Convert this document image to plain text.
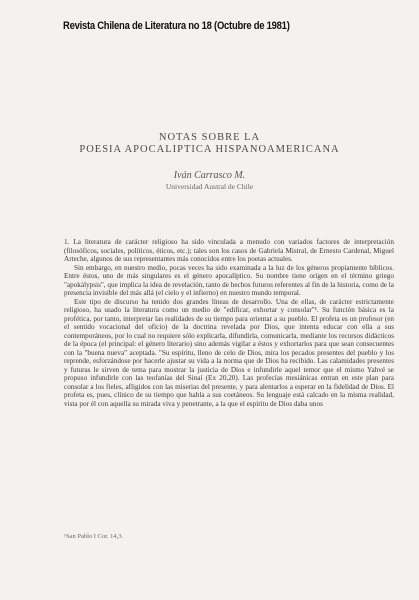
Revista Chilena de Literatura no 18 (Octubre de 1981)
NOTAS SOBRE LA
POESIA APOCALIPTICA HISPANOAMERICANA
Iván Carrasco M.
Universidad Austral de Chile

1. La literatura de carácter religioso ha sido vinculada a menudo con variados factores de interpretación (filosóficos, sociales, políticos, éticos, etc.); tales son los casos de Gabriela Mistral, de Ernesto Cardenal, Miguel Arteche, algunos de sus representantes más conocidos entre los poetas actuales.

Sin embargo, en nuestro medio, pocas veces ha sido examinada a la luz de los géneros propiamente bíblicos. Entre éstos, uno de más singulares es el género apocalíptico. Su nombre tiene origen en el término griego "apokálypsis", que implica la idea de revelación, tanto de hechos futuros referentes al fin de la historia, como de la presencia invisible del más allá (el cielo y el infierno) en nuestro mundo temporal.

Este tipo de discurso ha tenido dos grandes líneas de desarrollo. Una de ellas, de carácter estrictamente religioso, ha usado la literatura como un medio de "edificar, exhortar y consolar"¹. Su función básica es la profética, por tanto, interpretar las realidades de su tiempo para orientar a su pueblo. El profeta es un profesor (en el sentido vocacional del oficio) de la doctrina revelada por Dios, que intenta educar con ella a sus contemporáneos, por lo cual no requiere sólo explicarla, difundirla, comunicarla, mediante los recursos didácticos de la época (el principal: el género literario) sino además vigilar a éstos y exhortarlos para que sean consecuentes con la "buena nueva" aceptada. "Su espíritu, lleno de celo de Dios, mira los pecados presentes del pueblo y los reprende, esforzándose por hacerle ajustar su vida a la norma que de Dios ha recibido. Las calamidades presentes y futuras le sirven de tema para mostrar la justicia de Dios e infundirle aquel temor que el mismo Yahvé se propuso infundirle con las teofanías del Sinaí (Ex 20,20). Las profecías mesiánicas entran en este plan para consolar a los fieles, afligidos con las miserias del presente, y para alentarlos a esperar en la fidelidad de Dios. El profeta es, pues, clínico de su tiempo que habla a sus coetáneos. Su lenguaje está calcado en la misma realidad, vista por él con aquella su mirada viva y penetrante, a la que el espíritu de Dios daba unos

¹San Pablo I Cor. 14,3.
